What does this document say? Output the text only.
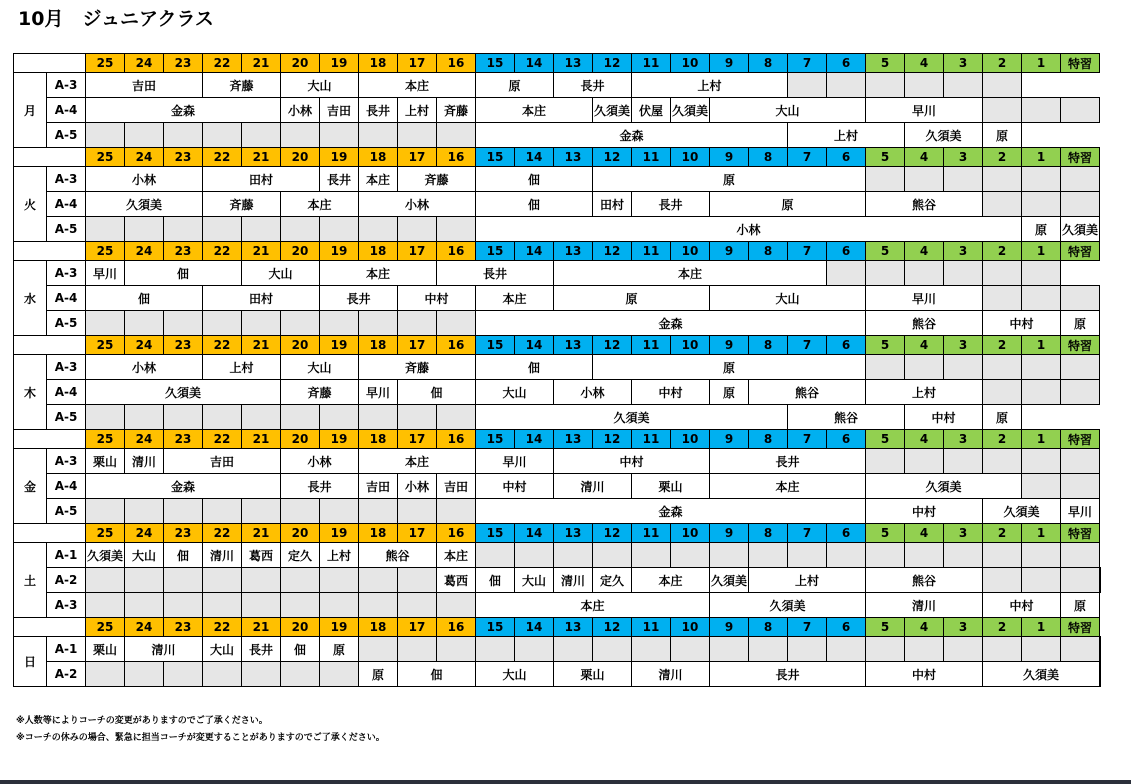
10月　ジュニアクラス
		25	24	23	22	21	20	19	18	17	16	15	14	13	12	11	10	9	8	7	6	5	4	3	2	1	特習	
月	A-3	吉田			斉藤		大山		本庄			原		長井		上村												
	A-4	金森					小林	吉田	長井	上村	斉藤	本庄			久須美	伏屋	久須美	大山				早川						
	A-5											金森								上村			久須美		原			
		25	24	23	22	21	20	19	18	17	16	15	14	13	12	11	10	9	8	7	6	5	4	3	2	1	特習	
火	A-3	小林			田村			長井	本庄	斉藤		佃			原													
	A-4	久須美			斉藤		本庄		小林			佃			田村	長井		原				熊谷						
	A-5											小林														原	久須美	
		25	24	23	22	21	20	19	18	17	16	15	14	13	12	11	10	9	8	7	6	5	4	3	2	1	特習	
水	A-3	早川	佃			大山		本庄			長井			本庄														
	A-4	佃			田村			長井		中村		本庄		原				大山				早川						
	A-5											金森										熊谷			中村		原	
		25	24	23	22	21	20	19	18	17	16	15	14	13	12	11	10	9	8	7	6	5	4	3	2	1	特習	
木	A-3	小林			上村		大山		斉藤			佃			原													
	A-4	久須美					斉藤		早川	佃		大山		小林		中村		原	熊谷			上村						
	A-5											久須美								熊谷			中村		原			
		25	24	23	22	21	20	19	18	17	16	15	14	13	12	11	10	9	8	7	6	5	4	3	2	1	特習	
金	A-3	栗山	清川	吉田			小林		本庄			早川		中村				長井										
	A-4	金森					長井		吉田	小林	吉田	中村		清川		栗山		本庄				久須美						
	A-5											金森										中村			久須美		早川	
		25	24	23	22	21	20	19	18	17	16	15	14	13	12	11	10	9	8	7	6	5	4	3	2	1	特習	
土	A-1	久須美	大山	佃	清川	葛西	定久	上村	熊谷		本庄																	
	A-2										葛西	佃	大山	清川	定久	本庄		久須美	上村			熊谷						
	A-3											本庄						久須美				清川			中村		原	
		25	24	23	22	21	20	19	18	17	16	15	14	13	12	11	10	9	8	7	6	5	4	3	2	1	特習	
日	A-1	栗山	清川		大山	長井	佃	原																				
	A-2								原	佃		大山		栗山		清川		長井				中村			久須美			
※人数等によりコーチの変更がありますのでご了承ください。
※コーチの休みの場合、緊急に担当コーチが変更することがありますのでご了承ください。
